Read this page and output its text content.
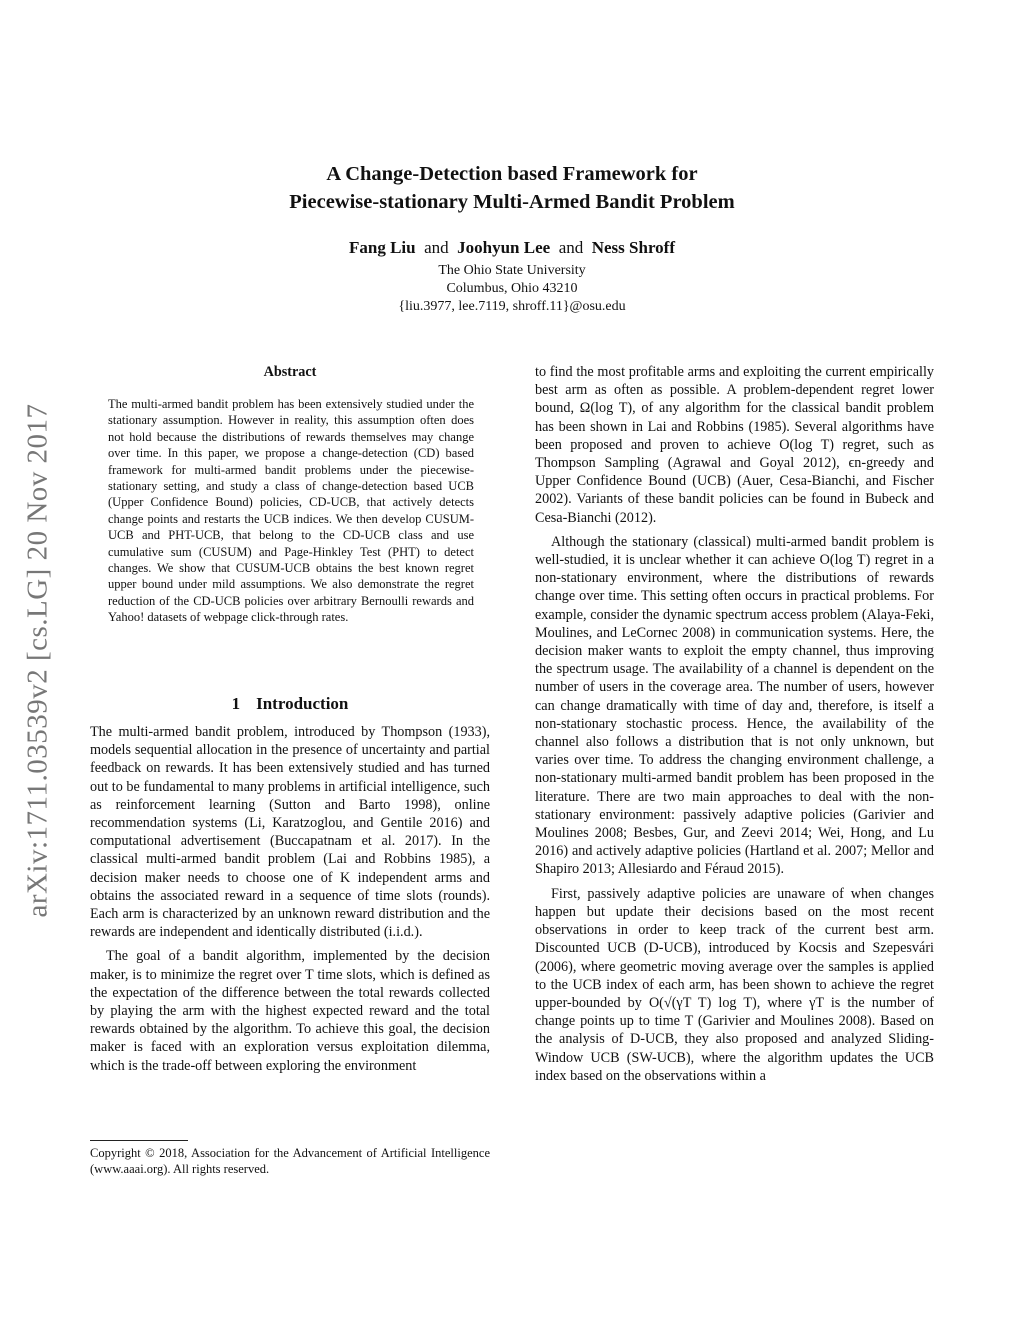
arXiv:1711.03539v2 [cs.LG] 20 Nov 2017
A Change-Detection based Framework for
Piecewise-stationary Multi-Armed Bandit Problem
Fang Liu and Joohyun Lee and Ness Shroff
The Ohio State University
Columbus, Ohio 43210
{liu.3977, lee.7119, shroff.11}@osu.edu
Abstract
The multi-armed bandit problem has been extensively studied under the stationary assumption. However in reality, this assumption often does not hold because the distributions of rewards themselves may change over time. In this paper, we propose a change-detection (CD) based framework for multi-armed bandit problems under the piecewise-stationary setting, and study a class of change-detection based UCB (Upper Confidence Bound) policies, CD-UCB, that actively detects change points and restarts the UCB indices. We then develop CUSUM-UCB and PHT-UCB, that belong to the CD-UCB class and use cumulative sum (CUSUM) and Page-Hinkley Test (PHT) to detect changes. We show that CUSUM-UCB obtains the best known regret upper bound under mild assumptions. We also demonstrate the regret reduction of the CD-UCB policies over arbitrary Bernoulli rewards and Yahoo! datasets of webpage click-through rates.
1 Introduction

The multi-armed bandit problem, introduced by Thompson (1933), models sequential allocation in the presence of uncertainty and partial feedback on rewards. It has been extensively studied and has turned out to be fundamental to many problems in artificial intelligence, such as reinforcement learning (Sutton and Barto 1998), online recommendation systems (Li, Karatzoglou, and Gentile 2016) and computational advertisement (Buccapatnam et al. 2017). In the classical multi-armed bandit problem (Lai and Robbins 1985), a decision maker needs to choose one of K independent arms and obtains the associated reward in a sequence of time slots (rounds). Each arm is characterized by an unknown reward distribution and the rewards are independent and identically distributed (i.i.d.).

The goal of a bandit algorithm, implemented by the decision maker, is to minimize the regret over T time slots, which is defined as the expectation of the difference between the total rewards collected by playing the arm with the highest expected reward and the total rewards obtained by the algorithm. To achieve this goal, the decision maker is faced with an exploration versus exploitation dilemma, which is the trade-off between exploring the environment

Copyright © 2018, Association for the Advancement of Artificial Intelligence (www.aaai.org). All rights reserved.

to find the most profitable arms and exploiting the current empirically best arm as often as possible. A problem-dependent regret lower bound, Ω(log T), of any algorithm for the classical bandit problem has been shown in Lai and Robbins (1985). Several algorithms have been proposed and proven to achieve O(log T) regret, such as Thompson Sampling (Agrawal and Goyal 2012), ϵn-greedy and Upper Confidence Bound (UCB) (Auer, Cesa-Bianchi, and Fischer 2002). Variants of these bandit policies can be found in Bubeck and Cesa-Bianchi (2012).

Although the stationary (classical) multi-armed bandit problem is well-studied, it is unclear whether it can achieve O(log T) regret in a non-stationary environment, where the distributions of rewards change over time. This setting often occurs in practical problems. For example, consider the dynamic spectrum access problem (Alaya-Feki, Moulines, and LeCornec 2008) in communication systems. Here, the decision maker wants to exploit the empty channel, thus improving the spectrum usage. The availability of a channel is dependent on the number of users in the coverage area. The number of users, however can change dramatically with time of day and, therefore, is itself a non-stationary stochastic process. Hence, the availability of the channel also follows a distribution that is not only unknown, but varies over time. To address the changing environment challenge, a non-stationary multi-armed bandit problem has been proposed in the literature. There are two main approaches to deal with the non-stationary environment: passively adaptive policies (Garivier and Moulines 2008; Besbes, Gur, and Zeevi 2014; Wei, Hong, and Lu 2016) and actively adaptive policies (Hartland et al. 2007; Mellor and Shapiro 2013; Allesiardo and Féraud 2015).

First, passively adaptive policies are unaware of when changes happen but update their decisions based on the most recent observations in order to keep track of the current best arm. Discounted UCB (D-UCB), introduced by Kocsis and Szepesvári (2006), where geometric moving average over the samples is applied to the UCB index of each arm, has been shown to achieve the regret upper-bounded by O(√(γT T) log T), where γT is the number of change points up to time T (Garivier and Moulines 2008). Based on the analysis of D-UCB, they also proposed and analyzed Sliding-Window UCB (SW-UCB), where the algorithm updates the UCB index based on the observations within a
